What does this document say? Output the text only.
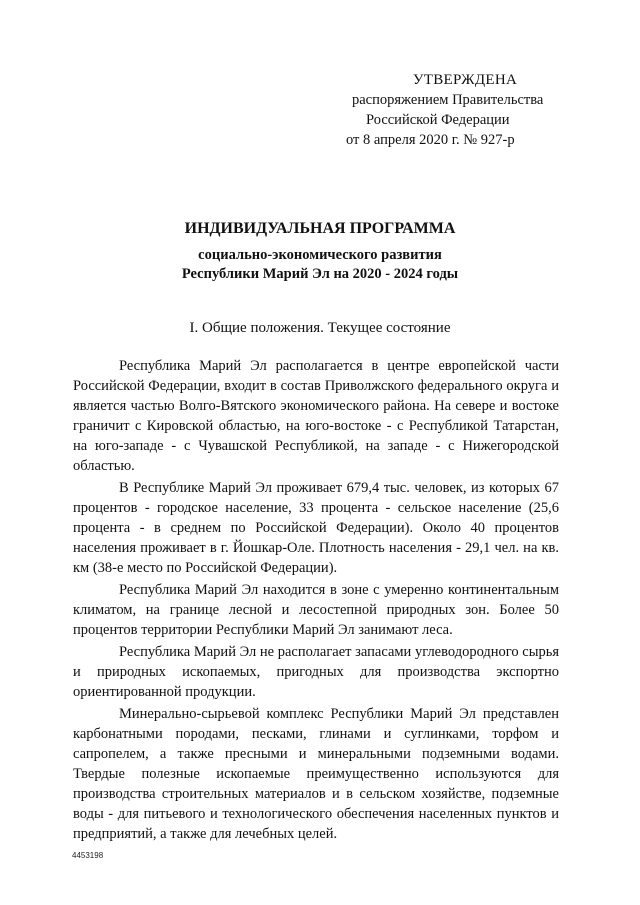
УТВЕРЖДЕНА
распоряжением Правительства
Российской Федерации
от 8 апреля 2020 г. № 927-р
ИНДИВИДУАЛЬНАЯ ПРОГРАММА
социально-экономического развития
Республики Марий Эл на 2020 - 2024 годы
I. Общие положения. Текущее состояние

Республика Марий Эл располагается в центре европейской части Российской Федерации, входит в состав Приволжского федерального округа и является частью Волго-Вятского экономического района. На севере и востоке граничит с Кировской областью, на юго-востоке - с Республикой Татарстан, на юго-западе - с Чувашской Республикой, на западе - с Нижегородской областью.

В Республике Марий Эл проживает 679,4 тыс. человек, из которых 67 процентов - городское население, 33 процента - сельское население (25,6 процента - в среднем по Российской Федерации). Около 40 процентов населения проживает в г. Йошкар-Оле. Плотность населения - 29,1 чел. на кв. км (38-е место по Российской Федерации).

Республика Марий Эл находится в зоне с умеренно континентальным климатом, на границе лесной и лесостепной природных зон. Более 50 процентов территории Республики Марий Эл занимают леса.

Республика Марий Эл не располагает запасами углеводородного сырья и природных ископаемых, пригодных для производства экспортно ориентированной продукции.

Минерально-сырьевой комплекс Республики Марий Эл представлен карбонатными породами, песками, глинами и суглинками, торфом и сапропелем, а также пресными и минеральными подземными водами. Твердые полезные ископаемые преимущественно используются для производства строительных материалов и в сельском хозяйстве, подземные воды - для питьевого и технологического обеспечения населенных пунктов и предприятий, а также для лечебных целей.

4453198
